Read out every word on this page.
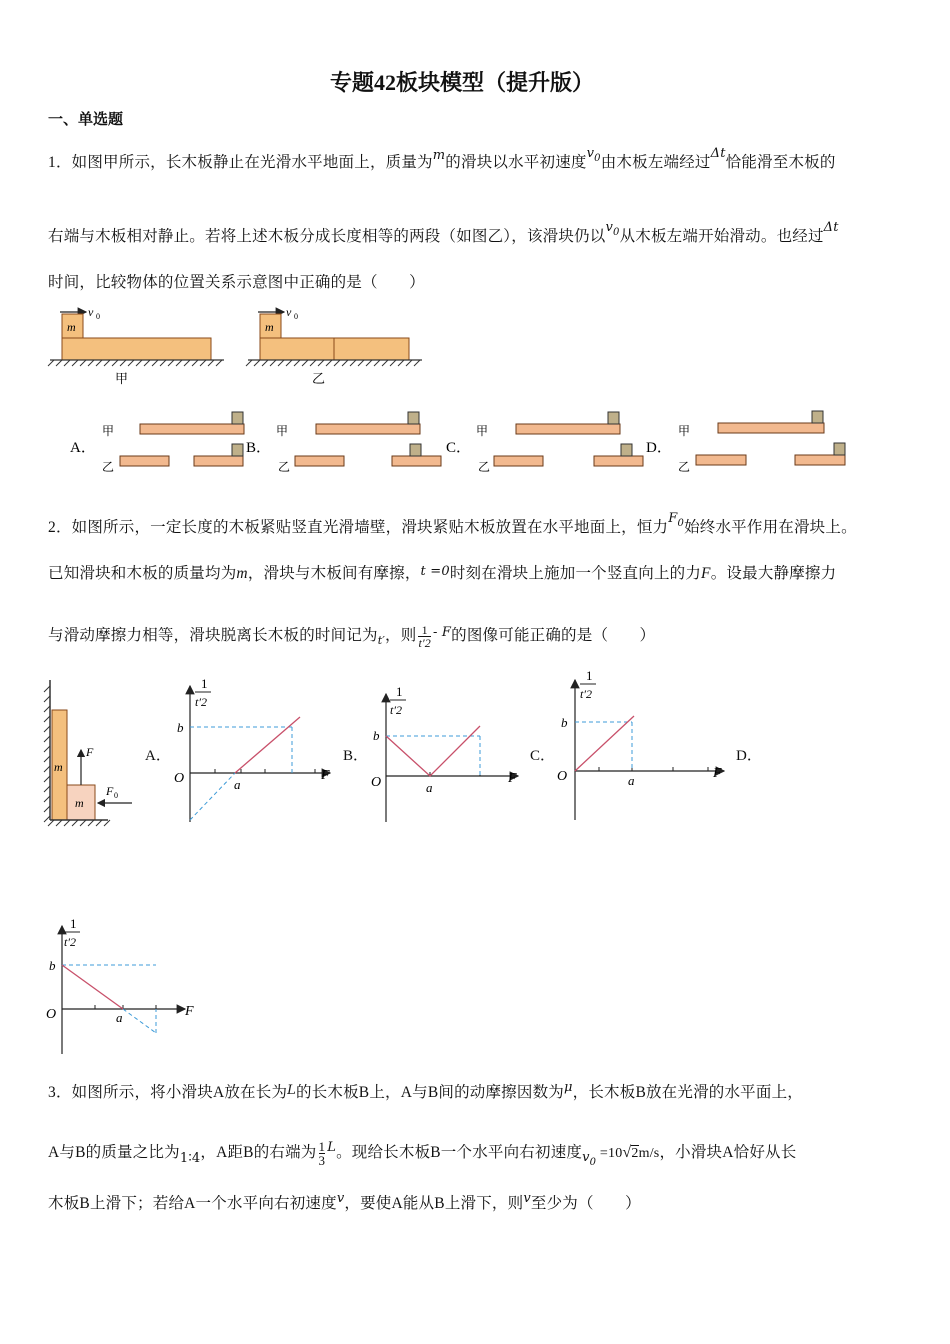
专题42板块模型（提升版）
一、单选题
1．如图甲所示，长木板静止在光滑水平地面上，质量为$^m$的滑块以水平初速度$^{v_0}$由木板左端经过$^{\Delta t}$恰能滑至木板的
右端与木板相对静止。若将上述木板分成长度相等的两段（如图乙），该滑块仍以$^{v_0}$从木板左端开始滑动。也经过$^{\Delta t}$
时间，比较物体的位置关系示意图中正确的是（　　）
v 0
m
甲
v 0
m
乙
A．
甲
乙
B．
甲
乙
C．
甲
乙
D．
甲
乙
2．如图所示，一定长度的木板紧贴竖直光滑墙壁，滑块紧贴木板放置在水平地面上，恒力$^{F_0}$始终水平作用在滑块上。
已知滑块和木板的质量均为m，滑块与木板间有摩擦，t =0时刻在滑块上施加一个竖直向上的力F。设最大静摩擦力
与滑动摩擦力相等，滑块脱离长木板的时间记为$_{t'}$，则 $\frac{1}{t'2} ^{- F}$的图像可能正确的是（　　）
m
m
F
F 0
A．	B．	C．	D．
1
t′2
b
O	a
F
1
t′2
b
O	a
F
1
t′2
b
O	a	F
1
t′2
b
O	a	F
3．如图所示，将小滑块A放在长为L的长木板B上，A与B间的动摩擦因数为$^\mu$，长木板B放在光滑的水平面上，
A与B的质量之比为$_{1∶4}$，A距B的右端为 $\frac{1}{3} ^L$。现给长木板B一个水平向右初速度$_{v_0}$ =10√2m/s，小滑块A恰好从长
木板B上滑下；若给A一个水平向右初速度$^v$，要使A能从B上滑下，则$^v$至少为（　　）
